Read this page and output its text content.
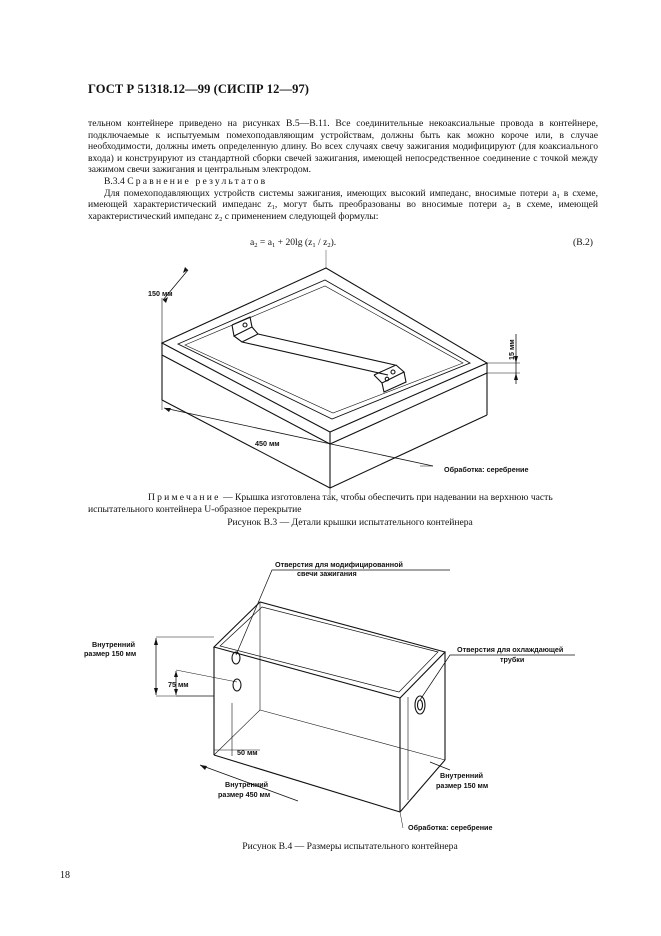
ГОСТ Р 51318.12—99 (СИСПР 12—97)

тельном контейнере приведено на рисунках В.5—В.11. Все соединительные некоаксиальные провода в контейнере, подключаемые к испытуемым помехоподавляющим устройствам, должны быть как можно короче или, в случае необходимости, должны иметь определенную длину. Во всех случаях свечу зажигания модифицируют (для коаксиального входа) и конструируют из стандартной сборки свечей зажигания, имеющей непосредственное соединение с точкой между зажимом свечи зажигания и центральным электродом.

В.3.4 Сравнение результатов

Для помехоподавляющих устройств системы зажигания, имеющих высокий импеданс, вносимые потери $a_1$ в схеме, имеющей характеристический импеданс $z_1$, могут быть преобразованы во вносимые потери $a_2$ в схеме, имеющей характеристический импеданс $z_2$ с применением следующей формулы:

$a_2 = a_1 + 20\lg$ $(z_1 / z_2)$.	(В.2)
150 мм
15 мм
450 мм
Обработка: серебрение
Отверстия для модифицированной
свечи зажигания
Отверстия для охлаждающей
трубки
Внутренний
размер 150 мм
75 мм
50 мм
Внутренний
размер 450 мм
Внутренний
размер 150 мм
Обработка: серебрение
Примечание — Крышка изготовлена так, чтобы обеспечить при надевании на верхнюю часть испытательного контейнера U-образное перекрытие
Рисунок В.3 — Детали крышки испытательного контейнера
Рисунок В.4 — Размеры испытательного контейнера
18
